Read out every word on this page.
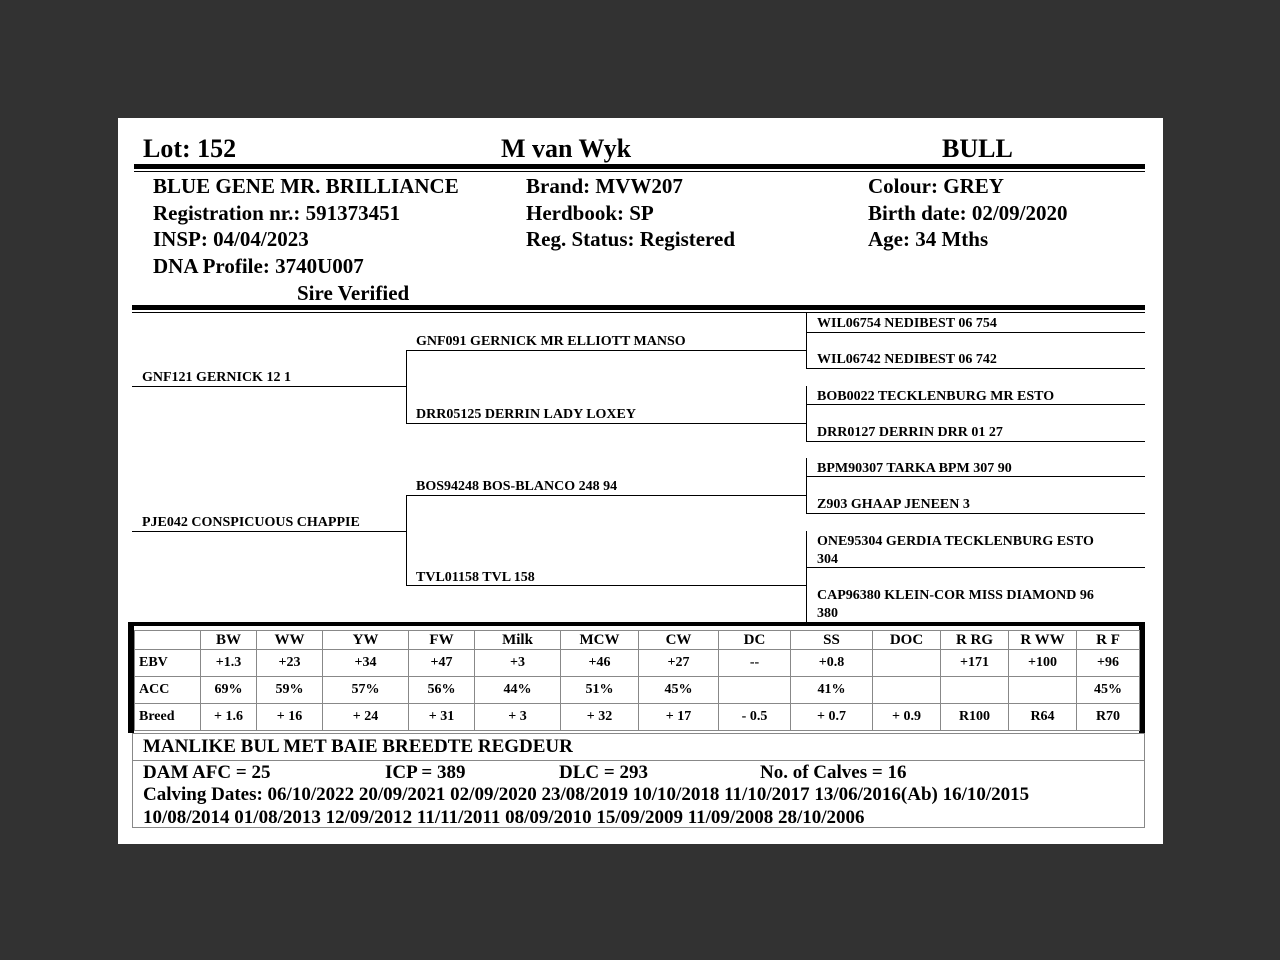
Lot: 152	M van Wyk	BULL
BLUE GENE MR. BRILLIANCE
Registration nr.: 591373451
INSP: 04/04/2023
DNA Profile: 3740U007
Sire Verified
Brand: MVW207
Herdbook: SP
Reg. Status: Registered
Colour: GREY
Birth date: 02/09/2020
Age: 34 Mths
GNF121 GERNICK 12 1
PJE042 CONSPICUOUS CHAPPIE
GNF091 GERNICK MR ELLIOTT MANSO
DRR05125 DERRIN LADY LOXEY
BOS94248 BOS-BLANCO 248 94
TVL01158 TVL 158
WIL06754 NEDIBEST 06 754
WIL06742 NEDIBEST 06 742
BOB0022 TECKLENBURG MR ESTO
DRR0127 DERRIN DRR 01 27
BPM90307 TARKA BPM 307 90
Z903 GHAAP JENEEN 3
ONE95304 GERDIA TECKLENBURG ESTO
304
CAP96380 KLEIN-COR MISS DIAMOND 96
380
	BW	WW	YW	FW	Milk	MCW	CW	DC	SS	DOC	R RG	R WW	R F
EBV	+1.3	+23	+34	+47	+3	+46	+27	--	+0.8		+171	+100	+96
ACC	69%	59%	57%	56%	44%	51%	45%		41%				45%
Breed	+ 1.6	+ 16	+ 24	+ 31	+ 3	+ 32	+ 17	- 0.5	+ 0.7	+ 0.9	R100	R64	R70
MANLIKE BUL MET BAIE BREEDTE REGDEUR
DAM AFC = 25	ICP = 389	DLC = 293	No. of Calves = 16
Calving Dates: 06/10/2022 20/09/2021 02/09/2020 23/08/2019 10/10/2018 11/10/2017 13/06/2016(Ab) 16/10/2015
10/08/2014 01/08/2013 12/09/2012 11/11/2011 08/09/2010 15/09/2009 11/09/2008 28/10/2006
